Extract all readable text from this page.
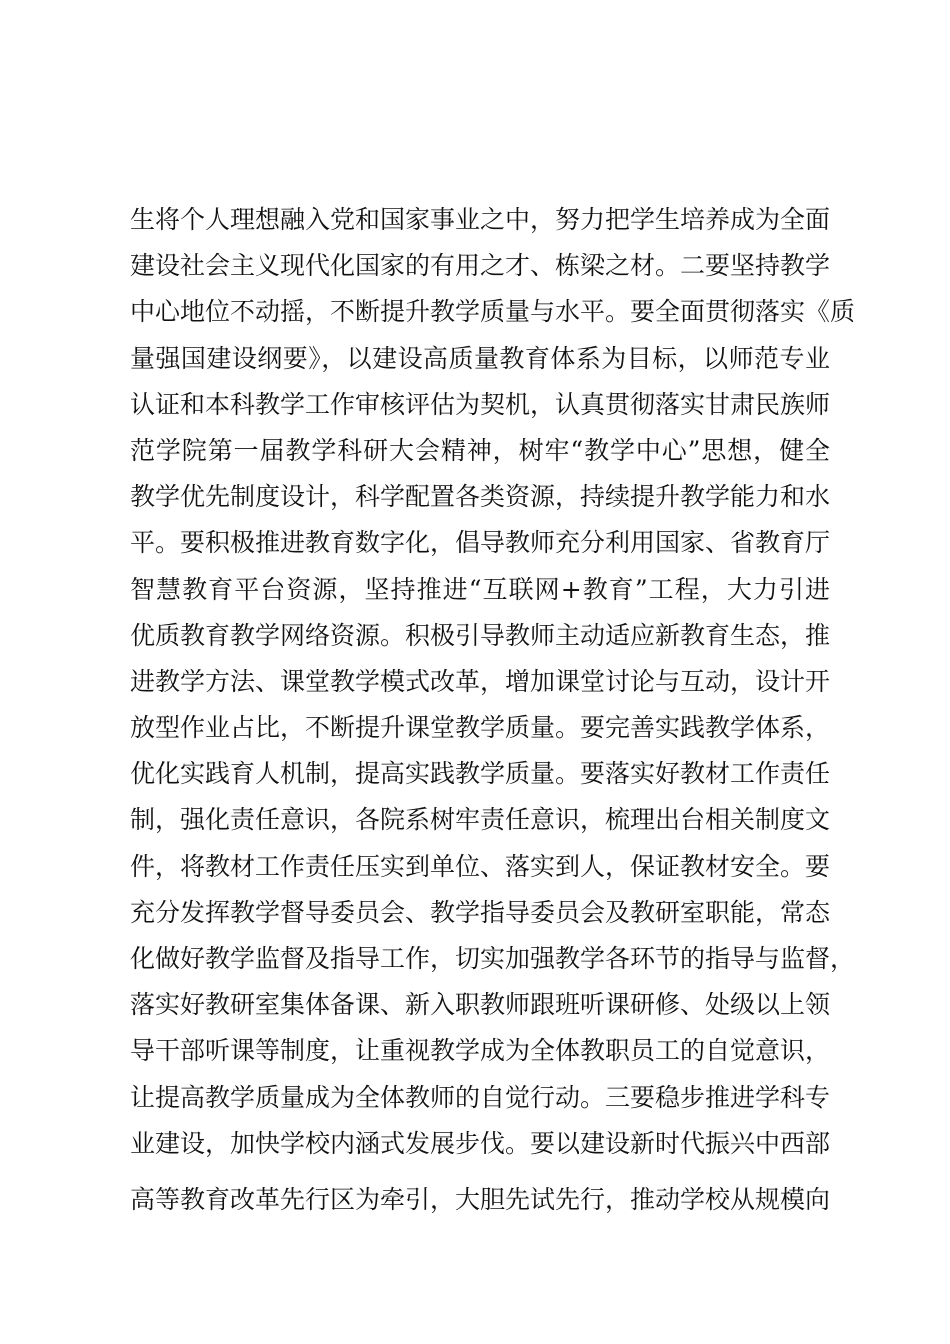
生将个人理想融入党和国家事业之中，努力把学生培养成为全面
建设社会主义现代化国家的有用之才、栋梁之材。二要坚持教学
中心地位不动摇，不断提升教学质量与水平。要全面贯彻落实《质
量强国建设纲要》，以建设高质量教育体系为目标，以师范专业
认证和本科教学工作审核评估为契机，认真贯彻落实甘肃民族师
范学院第一届教学科研大会精神，树牢“教学中心”思想，健全
教学优先制度设计，科学配置各类资源，持续提升教学能力和水
平。要积极推进教育数字化，倡导教师充分利用国家、省教育厅
智慧教育平台资源，坚持推进“互联网+教育”工程，大力引进
优质教育教学网络资源。积极引导教师主动适应新教育生态，推
进教学方法、课堂教学模式改革，增加课堂讨论与互动，设计开
放型作业占比，不断提升课堂教学质量。要完善实践教学体系，
优化实践育人机制，提高实践教学质量。要落实好教材工作责任
制，强化责任意识，各院系树牢责任意识，梳理出台相关制度文
件，将教材工作责任压实到单位、落实到人，保证教材安全。要
充分发挥教学督导委员会、教学指导委员会及教研室职能，常态
化做好教学监督及指导工作，切实加强教学各环节的指导与监督，
落实好教研室集体备课、新入职教师跟班听课研修、处级以上领
导干部听课等制度，让重视教学成为全体教职员工的自觉意识，
让提高教学质量成为全体教师的自觉行动。三要稳步推进学科专
业建设，加快学校内涵式发展步伐。要以建设新时代振兴中西部
高等教育改革先行区为牵引，大胆先试先行，推动学校从规模向
